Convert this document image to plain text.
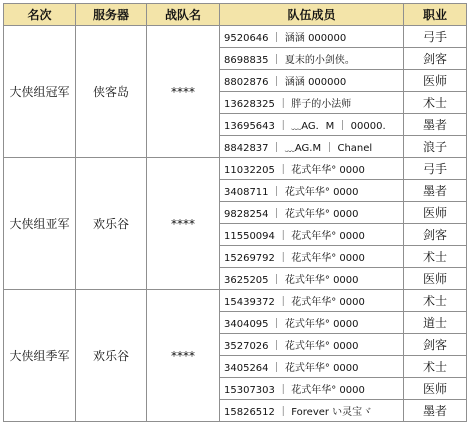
名次	服务器	战队名	队伍成员	职业
大侠组冠军	侠客岛	****	9520646 ｜ 涵涵 000000	弓手
			8698835 ｜ 夏末的小剑侠。	剑客
			8802876 ｜ 涵涵 000000	医师
			13628325 ｜ 胖子的小法师	术士
			13695643 ｜ ﹏AG．M ｜ 00000.	墨者
			8842837 ｜ ﹏AG.M ｜ Chanel	浪子
大侠组亚军	欢乐谷	****	11032205 ｜ 花式年华° 0000	弓手
			3408711 ｜ 花式年华° 0000	墨者
			9828254 ｜ 花式年华° 0000	医师
			11550094 ｜ 花式年华° 0000	剑客
			15269792 ｜ 花式年华° 0000	术士
			3625205 ｜ 花式年华° 0000	医师
大侠组季军	欢乐谷	****	15439372 ｜ 花式年华° 0000	术士
			3404095 ｜ 花式年华° 0000	道士
			3527026 ｜ 花式年华° 0000	剑客
			3405264 ｜ 花式年华° 0000	术士
			15307303 ｜ 花式年华° 0000	医师
			15826512 ｜ Forever い灵宝ヾ	墨者
